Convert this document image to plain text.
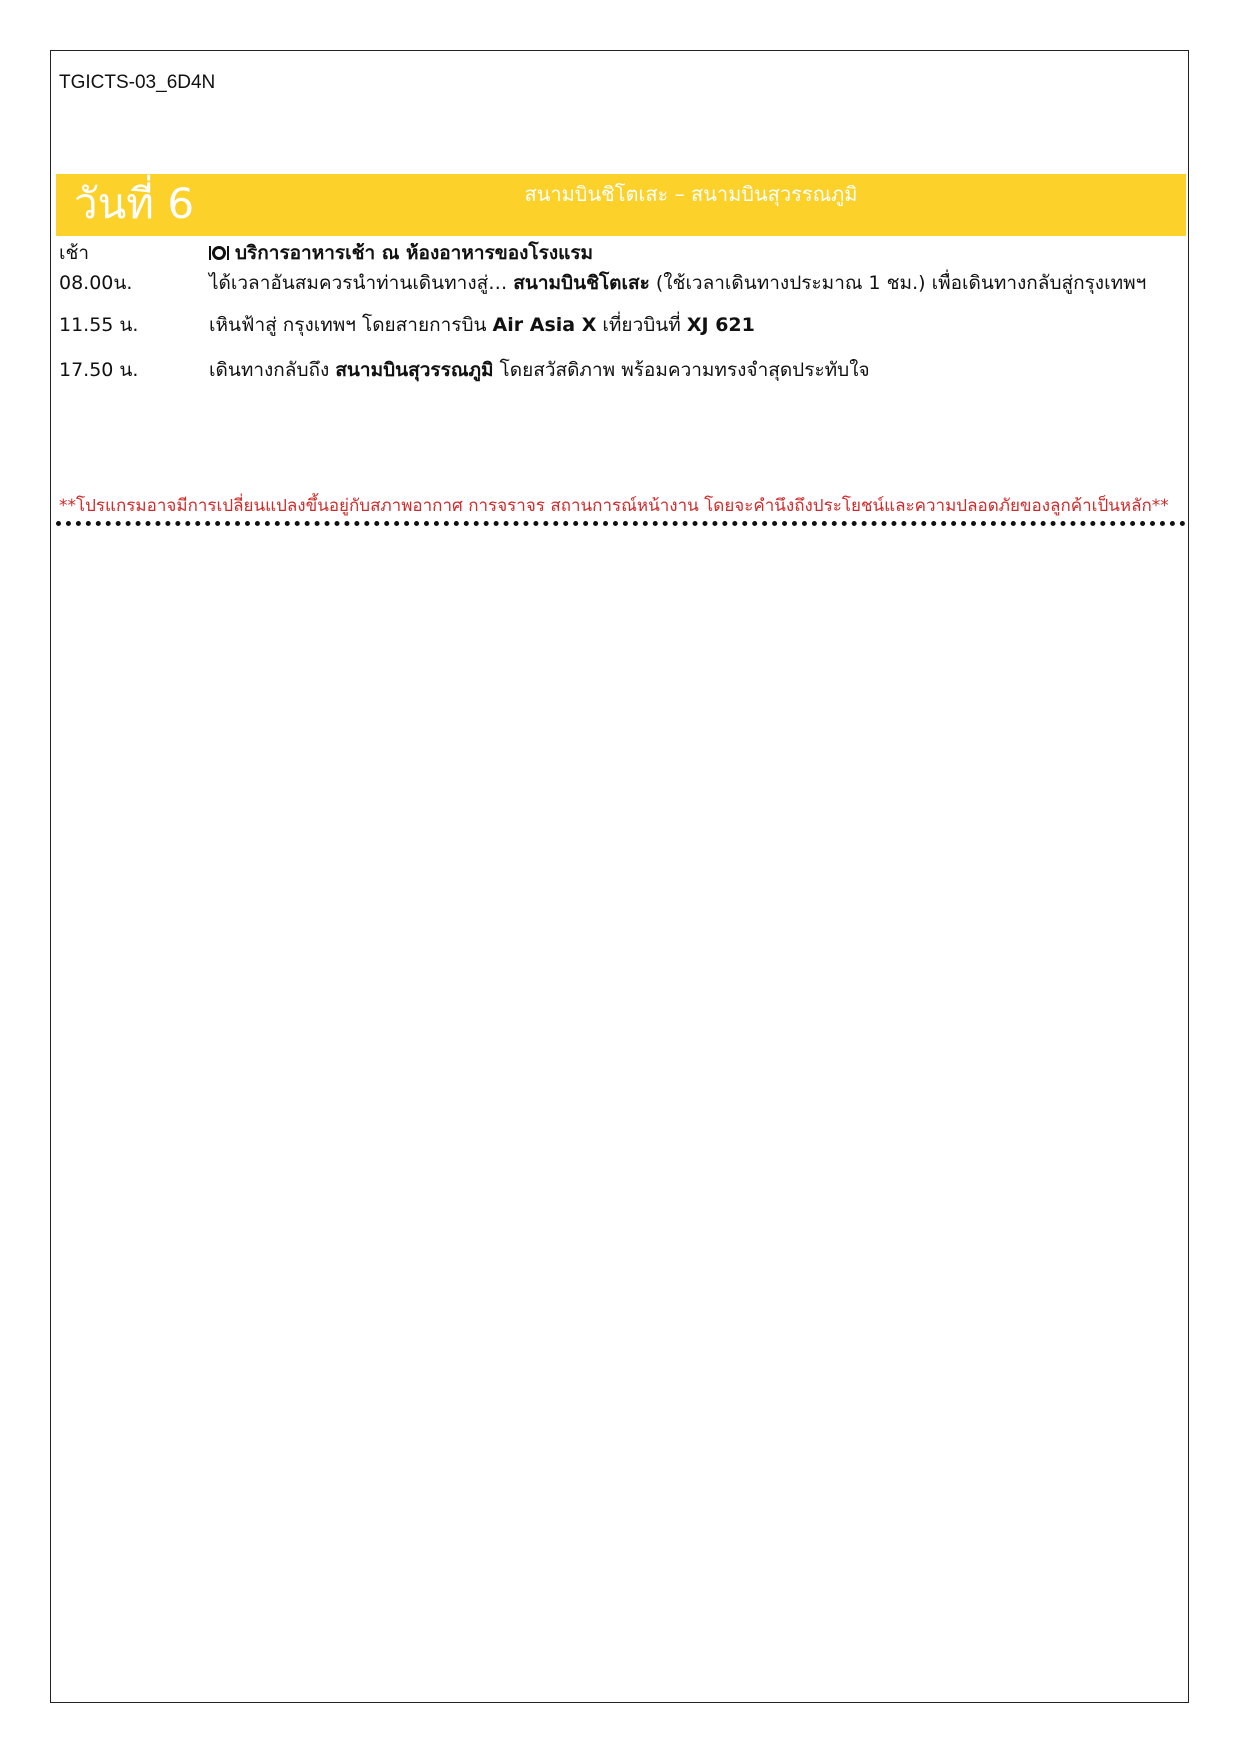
TGICTS-03_6D4N
วันที่ 6	สนามบินชิโตเสะ – สนามบินสุวรรณภูมิ
เช้า	บริการอาหารเช้า ณ ห้องอาหารของโรงแรม
08.00น.	ได้เวลาอันสมควรนำท่านเดินทางสู่… สนามบินชิโตเสะ (ใช้เวลาเดินทางประมาณ 1 ชม.) เพื่อเดินทางกลับสู่กรุงเทพฯ
11.55 น.	เหินฟ้าสู่ กรุงเทพฯ โดยสายการบิน Air Asia X เที่ยวบินที่ XJ 621
17.50 น.	เดินทางกลับถึง สนามบินสุวรรณภูมิ โดยสวัสดิภาพ พร้อมความทรงจำสุดประทับใจ
**โปรแกรมอาจมีการเปลี่ยนแปลงขึ้นอยู่กับสภาพอากาศ การจราจร สถานการณ์หน้างาน โดยจะคำนึงถึงประโยชน์และความปลอดภัยของลูกค้าเป็นหลัก**
